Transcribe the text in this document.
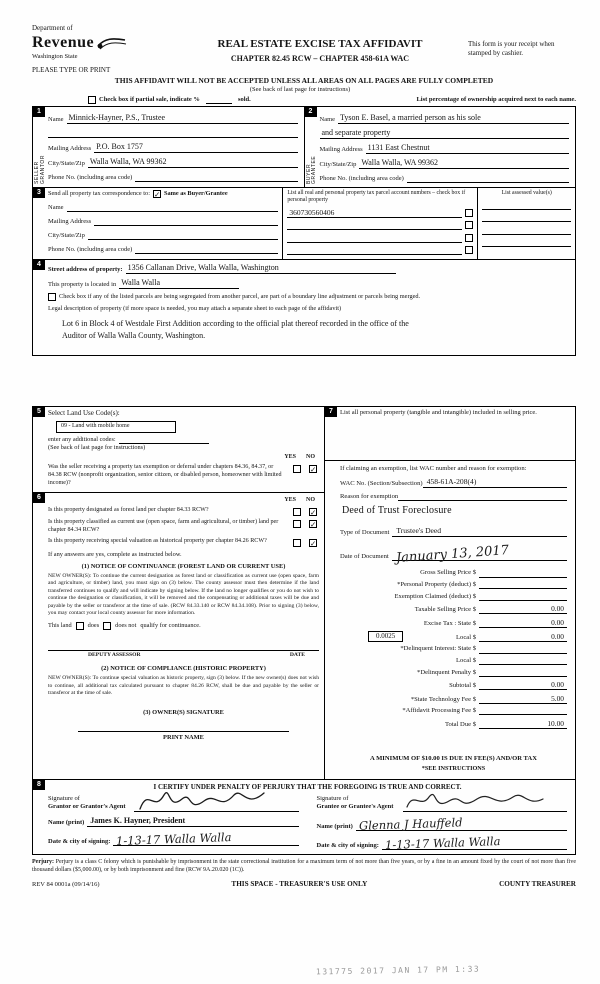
Department of
Revenue
Washington State
REAL ESTATE EXCISE TAX AFFIDAVIT
CHAPTER 82.45 RCW – CHAPTER 458-61A WAC
This form is your receipt when stamped by cashier.
PLEASE TYPE OR PRINT
THIS AFFIDAVIT WILL NOT BE ACCEPTED UNLESS ALL AREAS ON ALL PAGES ARE FULLY COMPLETED
(See back of last page for instructions)
Check box if partial sale, indicate %	sold.	List percentage of ownership acquired next to each name.
1
SELLER GRANTOR
Name Minnick-Hayner, P.S., Trustee
Mailing Address P.O. Box 1757
City/State/Zip Walla Walla, WA 99362
Phone No. (including area code)
2
BUYER GRANTEE
Name Tyson E. Basel, a married person as his sole
and separate property
Mailing Address 1131 East Chestnut
City/State/Zip Walla Walla, WA 99362
Phone No. (including area code)
3	Send all property tax correspondence to: ✓ Same as Buyer/Grantee
Name
Mailing Address
City/State/Zip
Phone No. (including area code)
List all real and personal property tax parcel account numbers – check box if personal property
360730560406
List assessed value(s)
4
Street address of property: 1356 Callanan Drive, Walla Walla, Washington
This property is located in Walla Walla
Check box if any of the listed parcels are being segregated from another parcel, are part of a boundary line adjustment or parcels being merged.
Legal description of property (if more space is needed, you may attach a separate sheet to each page of the affidavit)
Lot 6 in Block 4 of Westdale First Addition according to the official plat thereof recorded in the office of the
Auditor of Walla Walla County, Washington.
5	Select Land Use Code(s):
09 - Land with mobile home
enter any additional codes:
(See back of last page for instructions)
YES NO

Was the seller receiving a property tax exemption or deferral under chapters 84.36, 84.37, or 84.38 RCW (nonprofit organization, senior citizen, or disabled person, homeowner with limited income)?

✓
6	YES NO

Is this property designated as forest land per chapter 84.33 RCW?	✓

Is this property classified as current use (open space, farm and agricultural, or timber) land per chapter 84.34 RCW?

✓

Is this property receiving special valuation as historical property per chapter 84.26 RCW?	✓
If any answers are yes, complete as instructed below.
(1) NOTICE OF CONTINUANCE (FOREST LAND OR CURRENT USE)
NEW OWNER(S): To continue the current designation as forest land or classification as current use (open space, farm and agriculture, or timber) land, you must sign on (3) below. The county assessor must then determine if the land transferred continues to qualify and will indicate by signing below. If the land no longer qualifies or you do not wish to continue the designation or classification, it will be removed and the compensating or additional taxes will be due and payable by the seller or transferor at the time of sale. (RCW 84.33.140 or RCW 84.34.108). Prior to signing (3) below, you may contact your local county assessor for more information.
This land	does	does not qualify for continuance.
DEPUTY ASSESSOR	DATE
(2) NOTICE OF COMPLIANCE (HISTORIC PROPERTY)
NEW OWNER(S): To continue special valuation as historic property, sign (3) below. If the new owner(s) does not wish to continue, all additional tax calculated pursuant to chapter 84.26 RCW, shall be due and payable by the seller or transferor at the time of sale.
(3) OWNER(S) SIGNATURE
PRINT NAME
7	List all personal property (tangible and intangible) included in selling price.
If claiming an exemption, list WAC number and reason for exemption:
WAC No. (Section/Subsection) 458-61A-208(4)
Reason for exemption
Deed of Trust Foreclosure
Type of Document Trustee's Deed
Date of Document January 13, 2017
Gross Selling Price $
*Personal Property (deduct) $
Exemption Claimed (deduct) $
Taxable Selling Price $	0.00
Excise Tax : State $	0.00
0.0025	Local $	0.00
*Delinquent Interest: State $
Local $
*Delinquent Penalty $
Subtotal $	0.00
*State Technology Fee $	5.00
*Affidavit Processing Fee $
Total Due $	10.00
A MINIMUM OF $10.00 IS DUE IN FEE(S) AND/OR TAX
*SEE INSTRUCTIONS
8	I CERTIFY UNDER PENALTY OF PERJURY THAT THE FOREGOING IS TRUE AND CORRECT.
Signature of
Grantor or Grantor's Agent
Name (print) James K. Hayner, President
Date & city of signing: 1-13-17 Walla Walla
Signature of
Grantee or Grantee's Agent
Name (print) Glenna J Hauffeld
Date & city of signing: 1-13-17 Walla Walla
Perjury: Perjury is a class C felony which is punishable by imprisonment in the state correctional institution for a maximum term of not more than five years, or by a fine in an amount fixed by the court of not more than five thousand dollars ($5,000.00), or by both imprisonment and fine (RCW 9A.20.020 (1C)).
REV 84 0001a (09/14/16)	THIS SPACE - TREASURER'S USE ONLY	COUNTY TREASURER
131775 2017 JAN 17 PM 1:33
